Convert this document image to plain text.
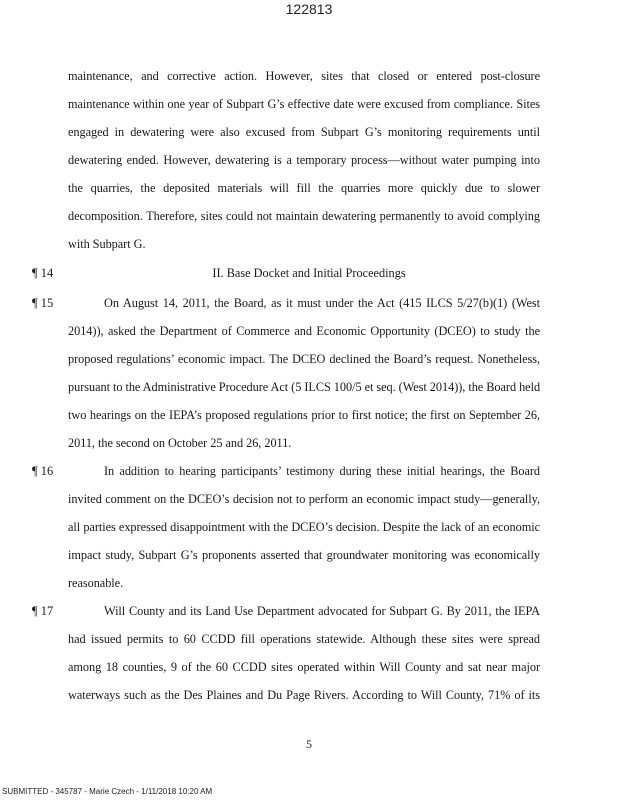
122813
maintenance, and corrective action. However, sites that closed or entered post-closure
maintenance within one year of Subpart G’s effective date were excused from compliance. Sites
engaged in dewatering were also excused from Subpart G’s monitoring requirements until
dewatering ended. However, dewatering is a temporary process—without water pumping into
the quarries, the deposited materials will fill the quarries more quickly due to slower
decomposition. Therefore, sites could not maintain dewatering permanently to avoid complying
with Subpart G.
¶ 14	II. Base Docket and Initial Proceedings
¶ 15	On August 14, 2011, the Board, as it must under the Act (415 ILCS 5/27(b)(1) (West
2014)), asked the Department of Commerce and Economic Opportunity (DCEO) to study the
proposed regulations’ economic impact. The DCEO declined the Board’s request. Nonetheless,
pursuant to the Administrative Procedure Act (5 ILCS 100/5 et seq. (West 2014)), the Board held
two hearings on the IEPA’s proposed regulations prior to first notice; the first on September 26,
2011, the second on October 25 and 26, 2011.
¶ 16	In addition to hearing participants’ testimony during these initial hearings, the Board
invited comment on the DCEO’s decision not to perform an economic impact study—generally,
all parties expressed disappointment with the DCEO’s decision. Despite the lack of an economic
impact study, Subpart G’s proponents asserted that groundwater monitoring was economically
reasonable.
¶ 17	Will County and its Land Use Department advocated for Subpart G. By 2011, the IEPA
had issued permits to 60 CCDD fill operations statewide. Although these sites were spread
among 18 counties, 9 of the 60 CCDD sites operated within Will County and sat near major
waterways such as the Des Plaines and Du Page Rivers. According to Will County, 71% of its
5
SUBMITTED - 345787 - Marie Czech - 1/11/2018 10:20 AM
